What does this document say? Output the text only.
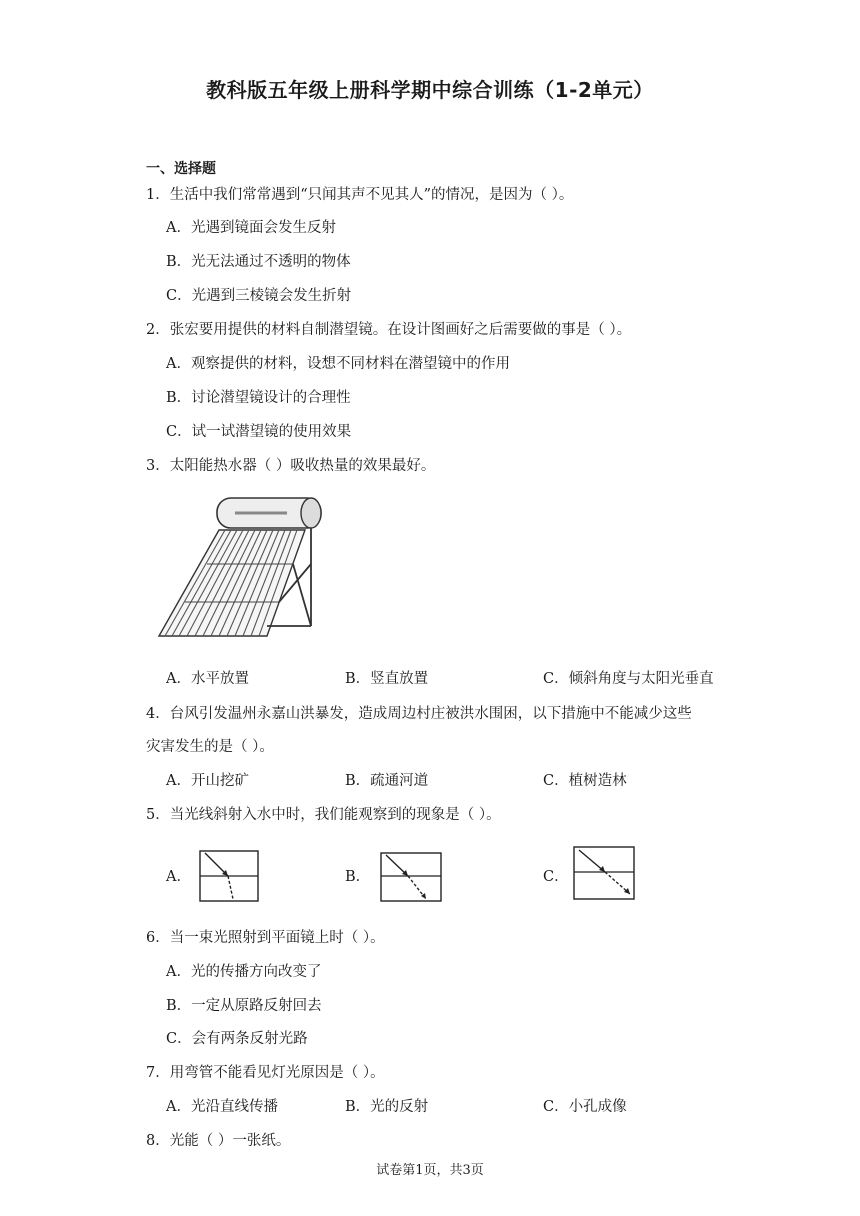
教科版五年级上册科学期中综合训练（1-2单元）
一、选择题
1．生活中我们常常遇到“只闻其声不见其人”的情况，是因为（ ）。
A．光遇到镜面会发生反射
B．光无法通过不透明的物体
C．光遇到三棱镜会发生折射
2．张宏要用提供的材料自制潜望镜。在设计图画好之后需要做的事是（ ）。
A．观察提供的材料，设想不同材料在潜望镜中的作用
B．讨论潜望镜设计的合理性
C．试一试潜望镜的使用效果
3．太阳能热水器（ ）吸收热量的效果最好。
A．水平放置	B．竖直放置	C．倾斜角度与太阳光垂直
4．台风引发温州永嘉山洪暴发，造成周边村庄被洪水围困，以下措施中不能减少这些
灾害发生的是（ ）。
A．开山挖矿	B．疏通河道	C．植树造林
5．当光线斜射入水中时，我们能观察到的现象是（ ）。
A．	B．	C．
6．当一束光照射到平面镜上时（ ）。
A．光的传播方向改变了
B．一定从原路反射回去
C．会有两条反射光路
7．用弯管不能看见灯光原因是（ ）。
A．光沿直线传播	B．光的反射	C．小孔成像
8．光能（ ）一张纸。
试卷第1页，共3页
